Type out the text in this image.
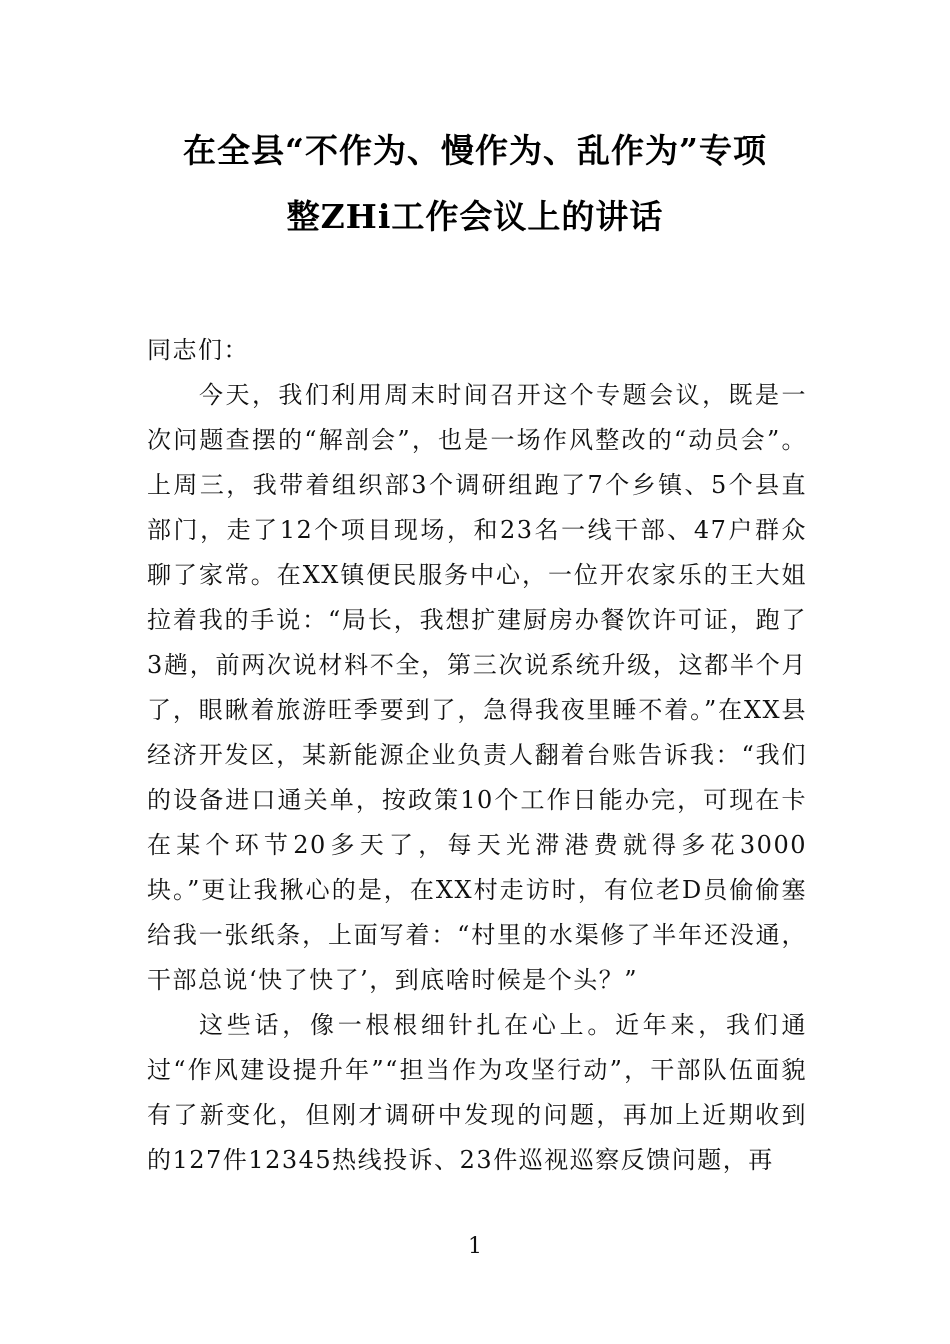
在全县“不作为、慢作为、乱作为”专项
整ZHi工作会议上的讲话

同志们：

今天，我们利用周末时间召开这个专题会议，既是一次问题查摆的“解剖会”，也是一场作风整改的“动员会”。上周三，我带着组织部3个调研组跑了7个乡镇、5个县直部门，走了12个项目现场，和23名一线干部、47户群众聊了家常。在XX镇便民服务中心，一位开农家乐的王大姐拉着我的手说：“局长，我想扩建厨房办餐饮许可证，跑了3趟，前两次说材料不全，第三次说系统升级，这都半个月了，眼瞅着旅游旺季要到了，急得我夜里睡不着。”在XX县经济开发区，某新能源企业负责人翻着台账告诉我：“我们的设备进口通关单，按政策10个工作日能办完，可现在卡在某个环节20多天了，每天光滞港费就得多花3000块。”更让我揪心的是，在XX村走访时，有位老D员偷偷塞给我一张纸条，上面写着：“村里的水渠修了半年还没通，干部总说‘快了快了’，到底啥时候是个头？”

这些话，像一根根细针扎在心上。近年来，我们通过“作风建设提升年”“担当作为攻坚行动”，干部队伍面貌有了新变化，但刚才调研中发现的问题，再加上近期收到的127件12345热线投诉、23件巡视巡察反馈问题，再

1
